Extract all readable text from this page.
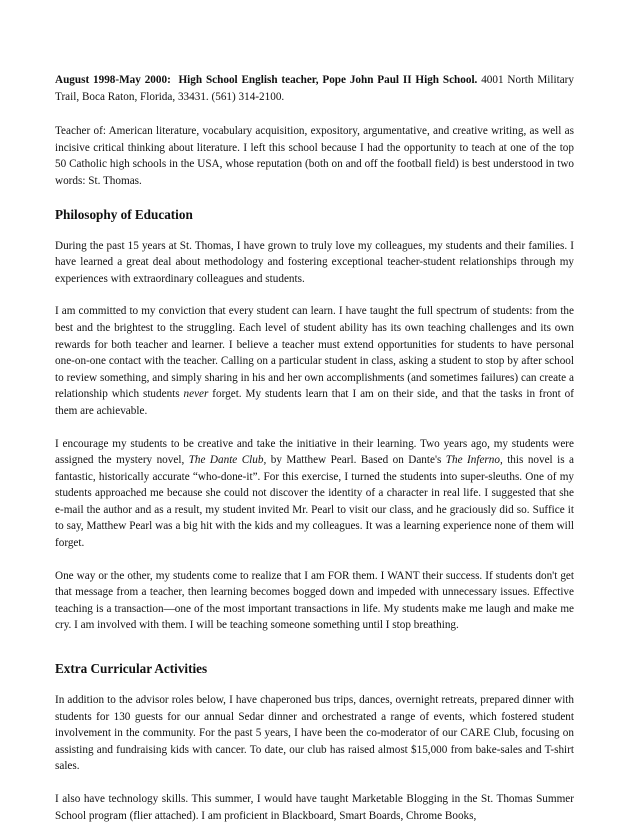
August 1998-May 2000: High School English teacher, Pope John Paul II High School. 4001 North Military Trail, Boca Raton, Florida, 33431. (561) 314-2100.

Teacher of: American literature, vocabulary acquisition, expository, argumentative, and creative writing, as well as incisive critical thinking about literature. I left this school because I had the opportunity to teach at one of the top 50 Catholic high schools in the USA, whose reputation (both on and off the football field) is best understood in two words: St. Thomas.

Philosophy of Education

During the past 15 years at St. Thomas, I have grown to truly love my colleagues, my students and their families. I have learned a great deal about methodology and fostering exceptional teacher-student relationships through my experiences with extraordinary colleagues and students.

I am committed to my conviction that every student can learn. I have taught the full spectrum of students: from the best and the brightest to the struggling. Each level of student ability has its own teaching challenges and its own rewards for both teacher and learner. I believe a teacher must extend opportunities for students to have personal one-on-one contact with the teacher. Calling on a particular student in class, asking a student to stop by after school to review something, and simply sharing in his and her own accomplishments (and sometimes failures) can create a relationship which students never forget. My students learn that I am on their side, and that the tasks in front of them are achievable.

I encourage my students to be creative and take the initiative in their learning. Two years ago, my students were assigned the mystery novel, The Dante Club, by Matthew Pearl. Based on Dante's The Inferno, this novel is a fantastic, historically accurate “who-done-it”. For this exercise, I turned the students into super-sleuths. One of my students approached me because she could not discover the identity of a character in real life. I suggested that she e-mail the author and as a result, my student invited Mr. Pearl to visit our class, and he graciously did so. Suffice it to say, Matthew Pearl was a big hit with the kids and my colleagues. It was a learning experience none of them will forget.

One way or the other, my students come to realize that I am FOR them. I WANT their success. If students don't get that message from a teacher, then learning becomes bogged down and impeded with unnecessary issues. Effective teaching is a transaction—one of the most important transactions in life. My students make me laugh and make me cry. I am involved with them. I will be teaching someone something until I stop breathing.

Extra Curricular Activities

In addition to the advisor roles below, I have chaperoned bus trips, dances, overnight retreats, prepared dinner with students for 130 guests for our annual Sedar dinner and orchestrated a range of events, which fostered student involvement in the community. For the past 5 years, I have been the co-moderator of our CARE Club, focusing on assisting and fundraising kids with cancer. To date, our club has raised almost $15,000 from bake-sales and T-shirt sales.

I also have technology skills. This summer, I would have taught Marketable Blogging in the St. Thomas Summer School program (flier attached). I am proficient in Blackboard, Smart Boards, Chrome Books,
